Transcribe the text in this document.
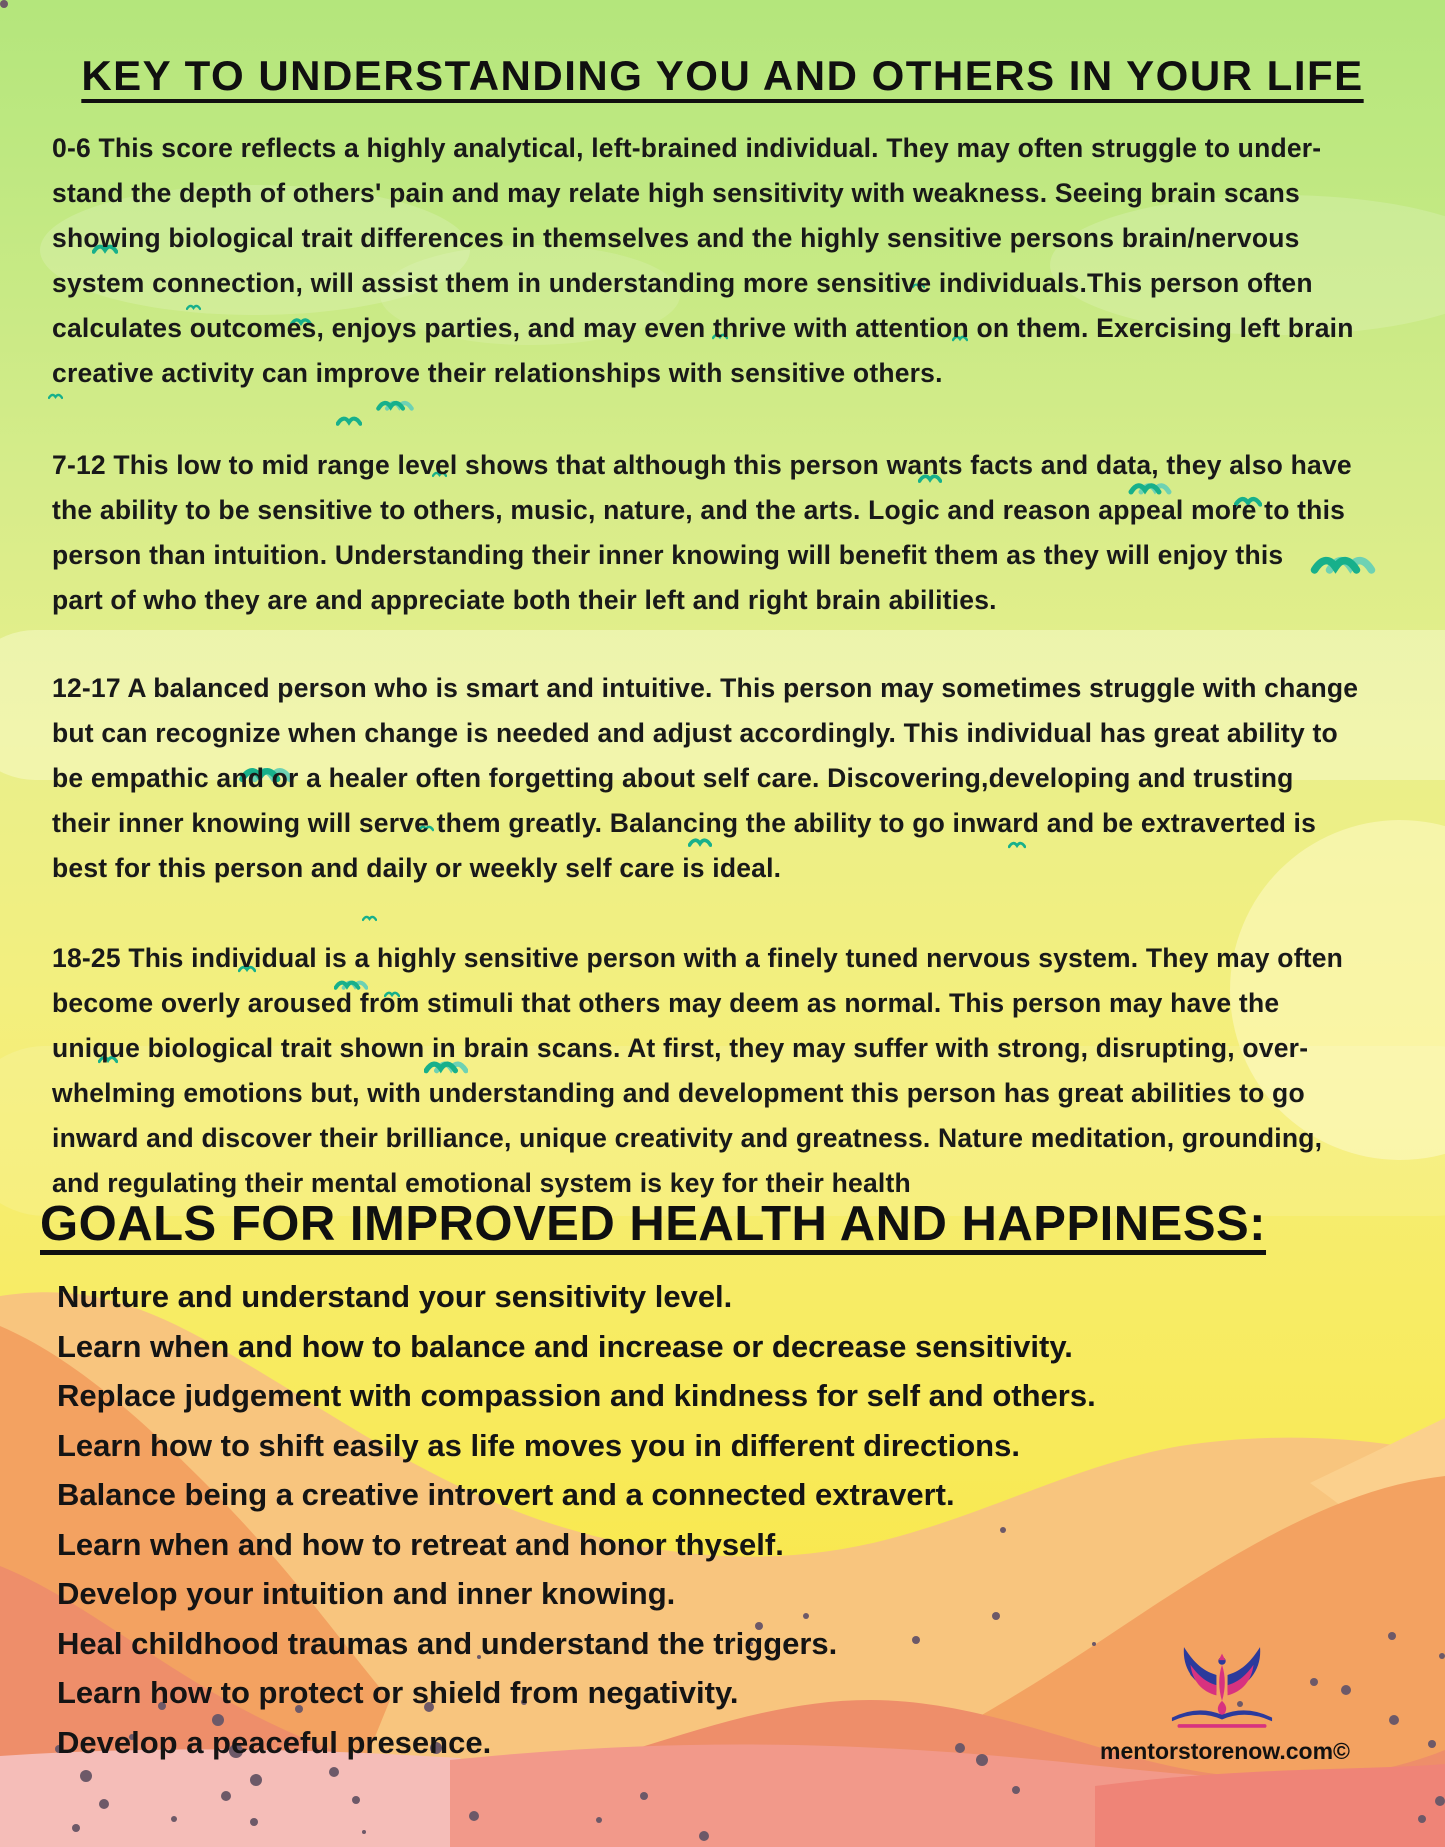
KEY TO UNDERSTANDING YOU AND OTHERS IN YOUR LIFE
0-6 This score reflects a highly analytical, left-brained individual. They may often struggle to under-
stand the depth of others' pain and may relate high sensitivity with weakness. Seeing brain scans
showing biological trait differences in themselves and the highly sensitive persons brain/nervous
system connection, will assist them in understanding more sensitive individuals.This person often
calculates outcomes, enjoys parties, and may even thrive with attention on them. Exercising left brain
creative activity can improve their relationships with sensitive others.
7-12 This low to mid range level shows that although this person wants facts and data, they also have
the ability to be sensitive to others, music, nature, and the arts. Logic and reason appeal more to this
person than intuition. Understanding their inner knowing will benefit them as they will enjoy this
part of who they are and appreciate both their left and right brain abilities.
12-17 A balanced person who is smart and intuitive. This person may sometimes struggle with change
but can recognize when change is needed and adjust accordingly. This individual has great ability to
be empathic and or a healer often forgetting about self care. Discovering,developing and trusting
their inner knowing will serve them greatly. Balancing the ability to go inward and be extraverted is
best for this person and daily or weekly self care is ideal.
18-25 This individual is a highly sensitive person with a finely tuned nervous system. They may often
become overly aroused from stimuli that others may deem as normal. This person may have the
unique biological trait shown in brain scans. At first, they may suffer with strong, disrupting, over-
whelming emotions but, with understanding and development this person has great abilities to go
inward and discover their brilliance, unique creativity and greatness. Nature meditation, grounding,
and regulating their mental emotional system is key for their health
GOALS FOR IMPROVED HEALTH AND HAPPINESS:
Nurture and understand your sensitivity level.
Learn when and how to balance and increase or decrease sensitivity.
Replace judgement with compassion and kindness for self and others.
Learn how to shift easily as life moves you in different directions.
Balance being a creative introvert and a connected extravert.
Learn when and how to retreat and honor thyself.
Develop your intuition and inner knowing.
Heal childhood traumas and understand the triggers.
Learn how to protect or shield from negativity.
Develop a peaceful presence.	mentorstorenow.com©
